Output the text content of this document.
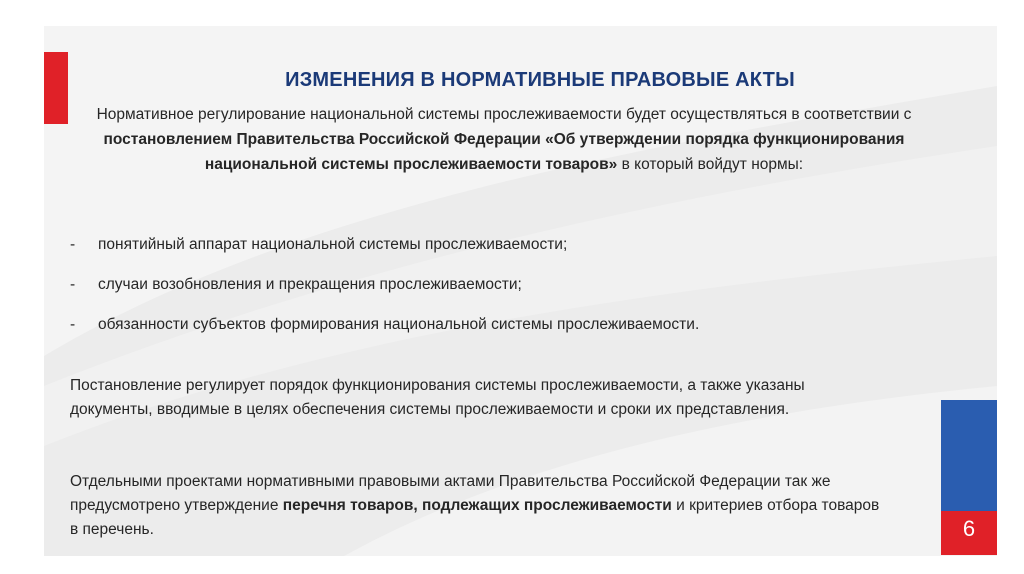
6
ИЗМЕНЕНИЯ В НОРМАТИВНЫЕ ПРАВОВЫЕ АКТЫ
Нормативное регулирование национальной системы прослеживаемости будет осуществляться в соответствии с постановлением Правительства Российской Федерации «Об утверждении порядка функционирования национальной системы прослеживаемости товаров» в который войдут нормы:
-	понятийный аппарат национальной системы прослеживаемости;
-	случаи возобновления и прекращения прослеживаемости;
-	обязанности субъектов формирования национальной системы прослеживаемости.
Постановление регулирует порядок функционирования системы прослеживаемости, а также указаны документы, вводимые в целях обеспечения системы прослеживаемости и сроки их представления.
Отдельными проектами нормативными правовыми актами Правительства Российской Федерации так же предусмотрено утверждение перечня товаров, подлежащих прослеживаемости и критериев отбора товаров в перечень.
